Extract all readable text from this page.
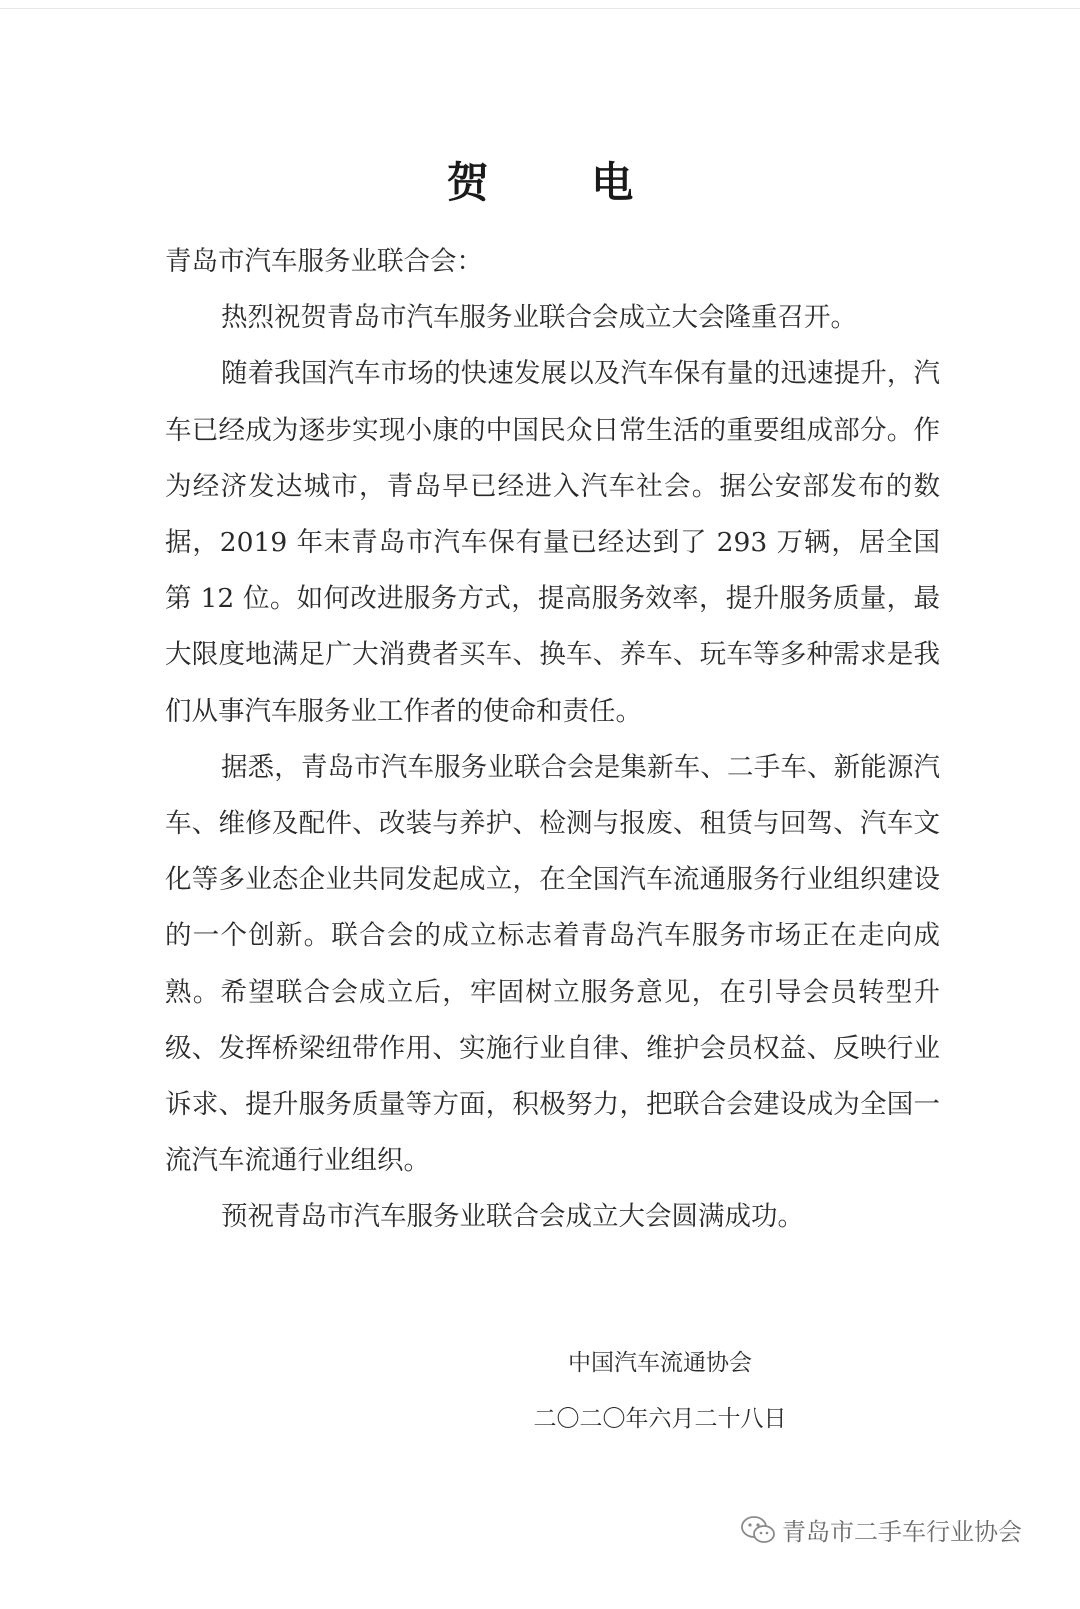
贺 电

青岛市汽车服务业联合会：

热烈祝贺青岛市汽车服务业联合会成立大会隆重召开。

随着我国汽车市场的快速发展以及汽车保有量的迅速提升，汽车已经成为逐步实现小康的中国民众日常生活的重要组成部分。作为经济发达城市，青岛早已经进入汽车社会。据公安部发布的数据，2019 年末青岛市汽车保有量已经达到了 293 万辆，居全国第 12 位。如何改进服务方式，提高服务效率，提升服务质量，最大限度地满足广大消费者买车、换车、养车、玩车等多种需求是我们从事汽车服务业工作者的使命和责任。

据悉，青岛市汽车服务业联合会是集新车、二手车、新能源汽车、维修及配件、改装与养护、检测与报废、租赁与回驾、汽车文化等多业态企业共同发起成立，在全国汽车流通服务行业组织建设的一个创新。联合会的成立标志着青岛汽车服务市场正在走向成熟。希望联合会成立后，牢固树立服务意见，在引导会员转型升级、发挥桥梁纽带作用、实施行业自律、维护会员权益、反映行业诉求、提升服务质量等方面，积极努力，把联合会建设成为全国一流汽车流通行业组织。

预祝青岛市汽车服务业联合会成立大会圆满成功。

中国汽车流通协会
二〇二〇年六月二十八日
青岛市二手车行业协会
